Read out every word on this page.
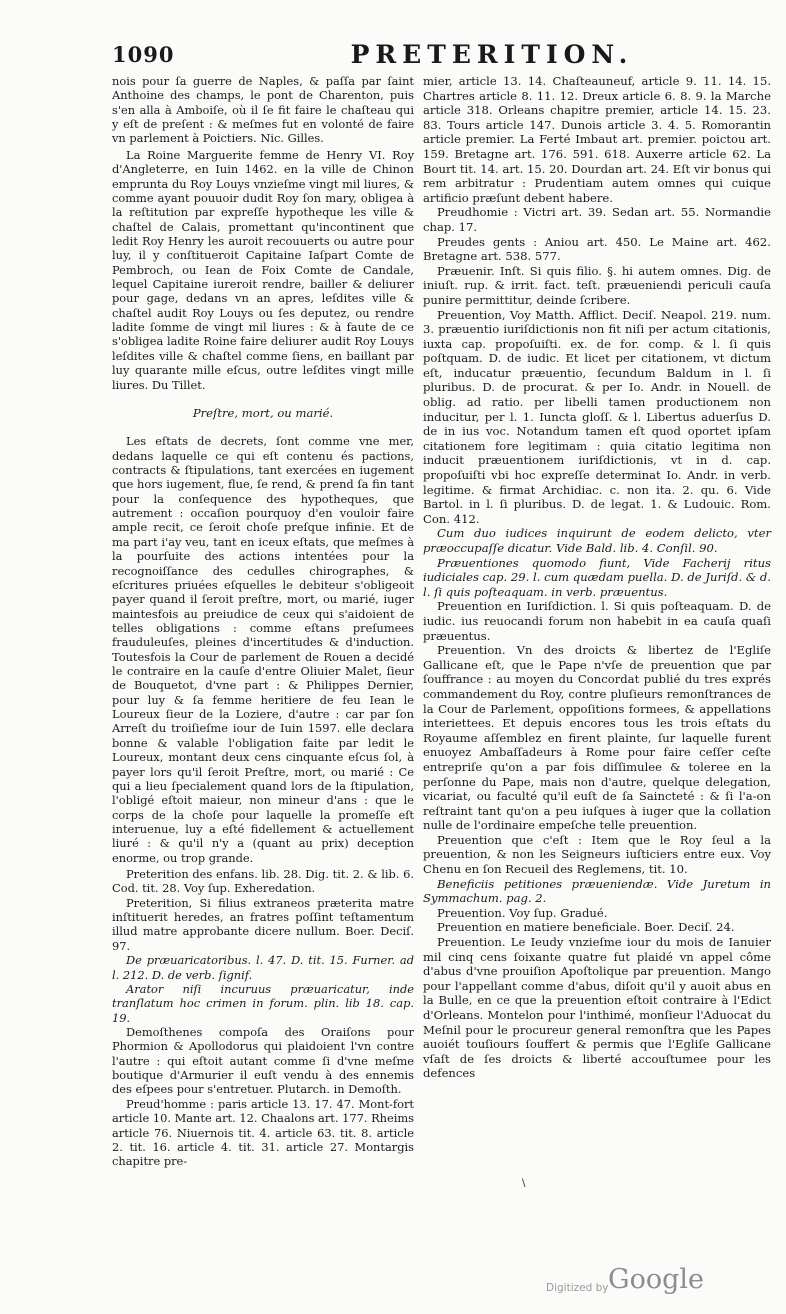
1090	PRETERITION.

nois pour ſa guerre de Naples, & paſſa par ſaint Anthoine des champs, le pont de Charenton, puis s'en alla à Amboiſe, où il ſe fit faire le chaſteau qui y eſt de preſent : & meſmes fut en volonté de faire vn parlement à Poictiers. Nic. Gilles.

La Roine Marguerite femme de Henry VI. Roy d'Angleterre, en Iuin 1462. en la ville de Chinon emprunta du Roy Louys vnzieſme vingt mil liures, & comme ayant pouuoir dudit Roy ſon mary, obligea à la reſtitution par expreſſe hypotheque les ville & chaſtel de Calais, promettant qu'incontinent que ledit Roy Henry les auroit recouuerts ou autre pour luy, il y conſtitueroit Capitaine Iaſpart Comte de Pembroch, ou Iean de Foix Comte de Candale, lequel Capitaine iureroit rendre, bailler & deliurer pour gage, dedans vn an apres, leſdites ville & chaſtel audit Roy Louys ou ſes deputez, ou rendre ladite ſomme de vingt mil liures : & à faute de ce s'obligea ladite Roine faire deliurer audit Roy Louys leſdites ville & chaſtel comme ſiens, en baillant par luy quarante mille eſcus, outre leſdites vingt mille liures. Du Tillet.

Preſtre, mort, ou marié.

Les eſtats de decrets, ſont comme vne mer, dedans laquelle ce qui eſt contenu és pactions, contracts & ſtipulations, tant exercées en iugement que hors iugement, flue, ſe rend, & prend ſa fin tant pour la conſequence des hypotheques, que autrement : occaſion pourquoy d'en vouloir faire ample recit, ce ſeroit choſe preſque infinie. Et de ma part i'ay veu, tant en iceux eſtats, que meſmes à la pourſuite des actions intentées pour la recognoiſſance des cedulles chirographes, & eſcritures priuées eſquelles le debiteur s'obligeoit payer quand il ſeroit preſtre, mort, ou marié, iuger maintesfois au preiudice de ceux qui s'aidoient de telles obligations : comme eſtans preſumees frauduleuſes, pleines d'incertitudes & d'induction. Toutesfois la Cour de parlement de Rouen a decidé le contraire en la cauſe d'entre Oliuier Malet, ſieur de Bouquetot, d'vne part : & Philippes Dernier, pour luy & ſa femme heritiere de feu Iean le Loureux ſieur de la Loziere, d'autre : car par ſon Arreſt du troiſieſme iour de Iuin 1597. elle declara bonne & valable l'obligation faite par ledit le Loureux, montant deux cens cinquante eſcus ſol, à payer lors qu'il ſeroit Preſtre, mort, ou marié : Ce qui a lieu ſpecialement quand lors de la ſtipulation, l'obligé eſtoit maieur, non mineur d'ans : que le corps de la choſe pour laquelle la promeſſe eſt interuenue, luy a eſté fidellement & actuellement liuré : & qu'il n'y a (quant au prix) deception enorme, ou trop grande.

Preterition des enfans. lib. 28. Dig. tit. 2. & lib. 6. Cod. tit. 28. Voy ſup. Exheredation.

Preterition, Si filius extraneos præterita matre inſtituerit heredes, an fratres poſſint teſtamentum illud matre approbante dicere nullum. Boer. Deciſ. 97.

De præuaricatoribus. l. 47. D. tit. 15. Furner. ad l. 212. D. de verb. ſignif.

Arator niſi incuruus præuaricatur, inde tranſlatum hoc crimen in forum. plin. lib 18. cap. 19.

Demoſthenes compoſa des Oraiſons pour Phormion & Apollodorus qui plaidoient l'vn contre l'autre : qui eſtoit autant comme ſi d'vne meſme boutique d'Armurier il euſt vendu à des ennemis des eſpees pour s'entretuer. Plutarch. in Demoſth.

Preud'homme : paris article 13. 17. 47. Mont-fort article 10. Mante art. 12. Chaalons art. 177. Rheims article 76. Niuernois tit. 4. article 63. tit. 8. article 2. tit. 16. article 4. tit. 31. article 27. Montargis chapitre pre-

mier, article 13. 14. Chaſteauneuf, article 9. 11. 14. 15. Chartres article 8. 11. 12. Dreux article 6. 8. 9. la Marche article 318. Orleans chapitre premier, article 14. 15. 23. 83. Tours article 147. Dunois article 3. 4. 5. Romorantin article premier. La Ferté Imbaut art. premier. poictou art. 159. Bretagne art. 176. 591. 618. Auxerre article 62. La Bourt tit. 14. art. 15. 20. Dourdan art. 24. Eſt vir bonus qui rem arbitratur : Prudentiam autem omnes qui cuique artificio præſunt debent habere.

Preudhomie : Victri art. 39. Sedan art. 55. Normandie chap. 17.

Preudes gents : Aniou art. 450. Le Maine art. 462. Bretagne art. 538. 577.

Præuenir. Inſt. Si quis filio. §. hi autem omnes. Dig. de iniuſt. rup. & irrit. fact. teſt. præueniendi periculi cauſa punire permittitur, deinde ſcribere.

Preuention, Voy Matth. Afflict. Deciſ. Neapol. 219. num. 3. præuentio iuriſdictionis non fit niſi per actum citationis, iuxta cap. propoſuiſti. ex. de for. comp. & l. ſi quis poſtquam. D. de iudic. Et licet per citationem, vt dictum eſt, inducatur præuentio, ſecundum Baldum in l. ſi pluribus. D. de procurat. & per Io. Andr. in Nouell. de oblig. ad ratio. per libelli tamen productionem non inducitur, per l. 1. Iuncta gloſſ. & l. Libertus aduerſus D. de in ius voc. Notandum tamen eſt quod oportet ipſam citationem fore legitimam : quia citatio legitima non inducit præuentionem iuriſdictionis, vt in d. cap. propoſuiſti vbi hoc expreſſe determinat Io. Andr. in verb. legitime. & firmat Archidiac. c. non ita. 2. qu. 6. Vide Bartol. in l. ſi pluribus. D. de legat. 1. & Ludouic. Rom. Con. 412.

Cum duo iudices inquirunt de eodem delicto, vter præoccupaſſe dicatur. Vide Bald. lib. 4. Conſil. 90.

Præuentiones quomodo fiunt, Vide Facherij ritus iudiciales cap. 29. l. cum quædam puella. D. de Juriſd. & d. l. ſi quis poſteaquam. in verb. præuentus.

Preuention en Iuriſdiction. l. Si quis poſteaquam. D. de iudic. ius reuocandi forum non habebit in ea cauſa quaſi præuentus.

Preuention. Vn des droicts & libertez de l'Egliſe Gallicane eſt, que le Pape n'vſe de preuention que par ſouffrance : au moyen du Concordat publié du tres exprés commandement du Roy, contre pluſieurs remonſtrances de la Cour de Parlement, oppoſitions formees, & appellations interiettees. Et depuis encores tous les trois eſtats du Royaume aſſemblez en firent plainte, ſur laquelle furent enuoyez Ambaſſadeurs à Rome pour faire ceſſer ceſte entrepriſe qu'on a par fois diſſimulee & toleree en la perſonne du Pape, mais non d'autre, quelque delegation, vicariat, ou faculté qu'il euſt de ſa Saincteté : & ſi l'a-on reſtraint tant qu'on a peu iuſques à iuger que la collation nulle de l'ordinaire empeſche telle preuention.

Preuention que c'eſt : Item que le Roy ſeul a la preuention, & non les Seigneurs iuſticiers entre eux. Voy Chenu en ſon Recueil des Reglemens, tit. 10.

Beneficiis petitiones præueniendæ. Vide Juretum in Symmachum. pag. 2.

Preuention. Voy ſup. Gradué.

Preuention en matiere beneficiale. Boer. Deciſ. 24.

Preuention. Le Ieudy vnzieſme iour du mois de Ianuier mil cinq cens ſoixante quatre fut plaidé vn appel côme d'abus d'vne prouiſion Apoſtolique par preuention. Mango pour l'appellant comme d'abus, diſoit qu'il y auoit abus en la Bulle, en ce que la preuention eſtoit contraire à l'Edict d'Orleans. Montelon pour l'inthimé, monſieur l'Aduocat du Meſnil pour le procureur general remonſtra que les Papes auoiét touſiours ſouffert & permis que l'Egliſe Gallicane vſaſt de ſes droicts & liberté accouſtumee pour les defences

\
Digitized by Google
